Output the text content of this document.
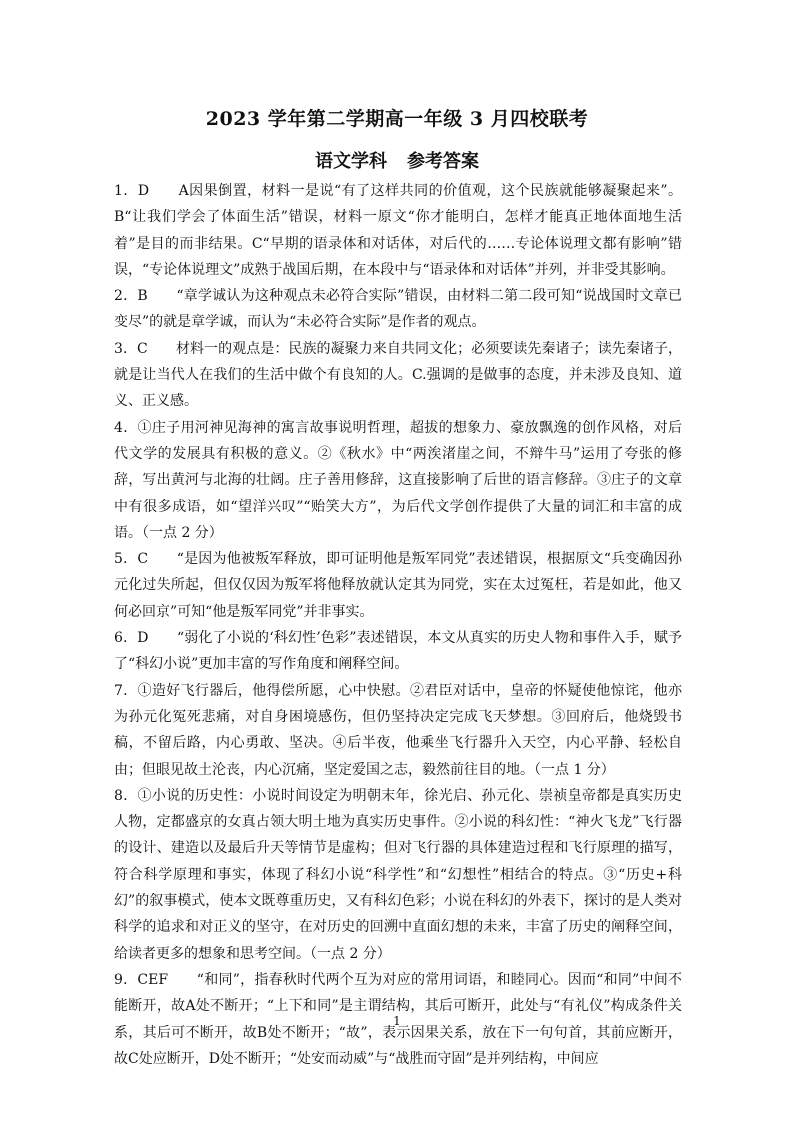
2023 学年第二学期高一年级 3 月四校联考
语文学科 参考答案

1．D　　 A因果倒置，材料一是说“有了这样共同的价值观，这个民族就能够凝聚起来”。B“让我们学会了体面生活”错误，材料一原文“你才能明白，怎样才能真正地体面地生活着”是目的而非结果。C“早期的语录体和对话体，对后代的……专论体说理文都有影响”错误，“专论体说理文”成熟于战国后期，在本段中与“语录体和对话体”并列，并非受其影响。

2．B　　 “章学诚认为这种观点未必符合实际”错误，由材料二第二段可知“说战国时文章已变尽”的就是章学诚，而认为“未必符合实际”是作者的观点。

3．C　　 材料一的观点是：民族的凝聚力来自共同文化；必须要读先秦诸子；读先秦诸子，就是让当代人在我们的生活中做个有良知的人。C.强调的是做事的态度，并未涉及良知、道义、正义感。

4．①庄子用河神见海神的寓言故事说明哲理，超拔的想象力、豪放飘逸的创作风格，对后代文学的发展具有积极的意义。②《秋水》中“两涘渚崖之间，不辩牛马”运用了夸张的修辞，写出黄河与北海的壮阔。庄子善用修辞，这直接影响了后世的语言修辞。③庄子的文章中有很多成语，如“望洋兴叹”“贻笑大方”，为后代文学创作提供了大量的词汇和丰富的成语。（一点 2 分）

5．C　　 “是因为他被叛军释放，即可证明他是叛军同党”表述错误，根据原文“兵变确因孙元化过失所起，但仅仅因为叛军将他释放就认定其为同党，实在太过冤枉，若是如此，他又何必回京”可知“他是叛军同党”并非事实。

6．D　　 “弱化了小说的‘科幻性’色彩”表述错误，本文从真实的历史人物和事件入手，赋予了“科幻小说”更加丰富的写作角度和阐释空间。

7．①造好飞行器后，他得偿所愿，心中快慰。②君臣对话中，皇帝的怀疑使他惊诧，他亦为孙元化冤死悲痛，对自身困境感伤，但仍坚持决定完成飞天梦想。③回府后，他烧毁书稿，不留后路，内心勇敢、坚决。④后半夜，他乘坐飞行器升入天空，内心平静、轻松自由；但眼见故土沦丧，内心沉痛，坚定爱国之志，毅然前往目的地。（一点 1 分）

8．①小说的历史性：小说时间设定为明朝末年，徐光启、孙元化、崇祯皇帝都是真实历史人物，定都盛京的女真占领大明土地为真实历史事件。②小说的科幻性：“神火飞龙”飞行器的设计、建造以及最后升天等情节是虚构；但对飞行器的具体建造过程和飞行原理的描写，符合科学原理和事实，体现了科幻小说“科学性”和“幻想性”相结合的特点。③“历史+科幻”的叙事模式，使本文既尊重历史，又有科幻色彩；小说在科幻的外表下，探讨的是人类对科学的追求和对正义的坚守，在对历史的回溯中直面幻想的未来，丰富了历史的阐释空间，给读者更多的想象和思考空间。（一点 2 分）

9．CEF　　 “和同”，指春秋时代两个互为对应的常用词语，和睦同心。因而“和同”中间不能断开，故A处不断开；“上下和同”是主谓结构，其后可断开，此处与“有礼仪”构成条件关系，其后可不断开，故B处不断开；“故”，表示因果关系，放在下一句句首，其前应断开，故C处应断开，D处不断开；“处安而动威”与“战胜而守固”是并列结构，中间应

1
